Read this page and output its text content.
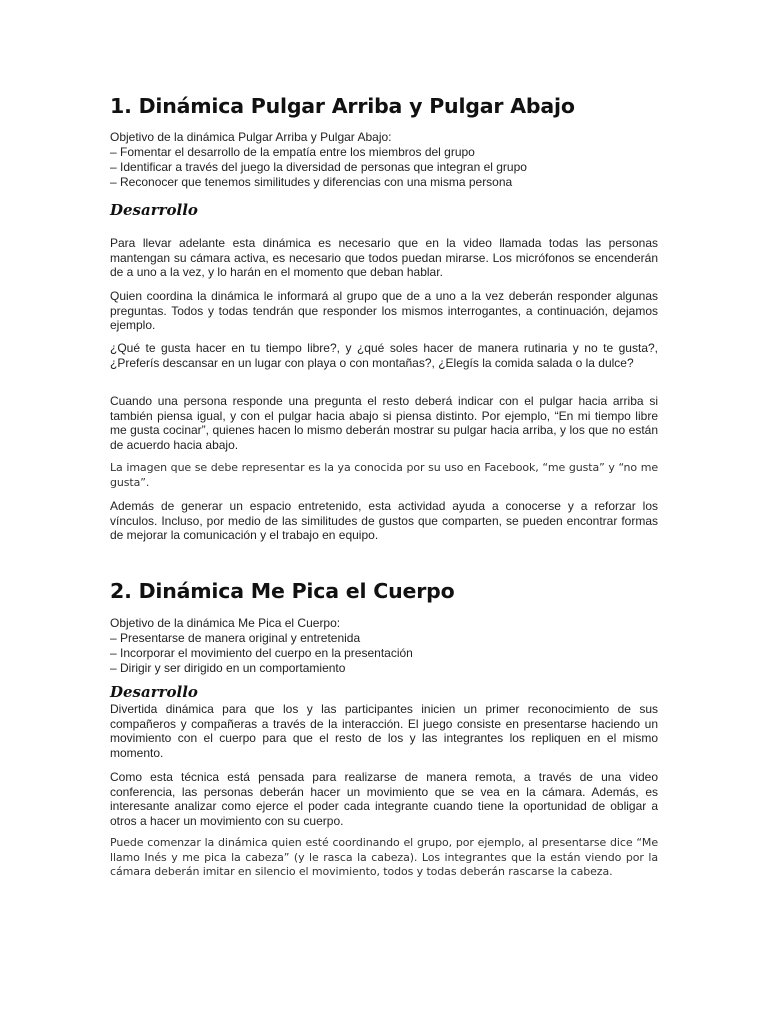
1. Dinámica Pulgar Arriba y Pulgar Abajo

Objetivo de la dinámica Pulgar Arriba y Pulgar Abajo:

– Fomentar el desarrollo de la empatía entre los miembros del grupo

– Identificar a través del juego la diversidad de personas que integran el grupo

– Reconocer que tenemos similitudes y diferencias con una misma persona

Desarrollo

Para llevar adelante esta dinámica es necesario que en la video llamada todas las personas mantengan su cámara activa, es necesario que todos puedan mirarse. Los micrófonos se encenderán de a uno a la vez, y lo harán en el momento que deban hablar.

Quien coordina la dinámica le informará al grupo que de a uno a la vez deberán responder algunas preguntas. Todos y todas tendrán que responder los mismos interrogantes, a continuación, dejamos ejemplo.

¿Qué te gusta hacer en tu tiempo libre?, y ¿qué soles hacer de manera rutinaria y no te gusta?, ¿Preferís descansar en un lugar con playa o con montañas?, ¿Elegís la comida salada o la dulce?

Cuando una persona responde una pregunta el resto deberá indicar con el pulgar hacia arriba si también piensa igual, y con el pulgar hacia abajo si piensa distinto. Por ejemplo, “En mi tiempo libre me gusta cocinar”, quienes hacen lo mismo deberán mostrar su pulgar hacia arriba, y los que no están de acuerdo hacia abajo.

La imagen que se debe representar es la ya conocida por su uso en Facebook, “me gusta” y “no me gusta”.

Además de generar un espacio entretenido, esta actividad ayuda a conocerse y a reforzar los vínculos. Incluso, por medio de las similitudes de gustos que comparten, se pueden encontrar formas de mejorar la comunicación y el trabajo en equipo.

2. Dinámica Me Pica el Cuerpo

Objetivo de la dinámica Me Pica el Cuerpo:

– Presentarse de manera original y entretenida

– Incorporar el movimiento del cuerpo en la presentación

– Dirigir y ser dirigido en un comportamiento

Desarrollo

Divertida dinámica para que los y las participantes inicien un primer reconocimiento de sus compañeros y compañeras a través de la interacción. El juego consiste en presentarse haciendo un movimiento con el cuerpo para que el resto de los y las integrantes los repliquen en el mismo momento.

Como esta técnica está pensada para realizarse de manera remota, a través de una video conferencia, las personas deberán hacer un movimiento que se vea en la cámara. Además, es interesante analizar como ejerce el poder cada integrante cuando tiene la oportunidad de obligar a otros a hacer un movimiento con su cuerpo.

Puede comenzar la dinámica quien esté coordinando el grupo, por ejemplo, al presentarse dice “Me llamo Inés y me pica la cabeza” (y le rasca la cabeza). Los integrantes que la están viendo por la cámara deberán imitar en silencio el movimiento, todos y todas deberán rascarse la cabeza.
